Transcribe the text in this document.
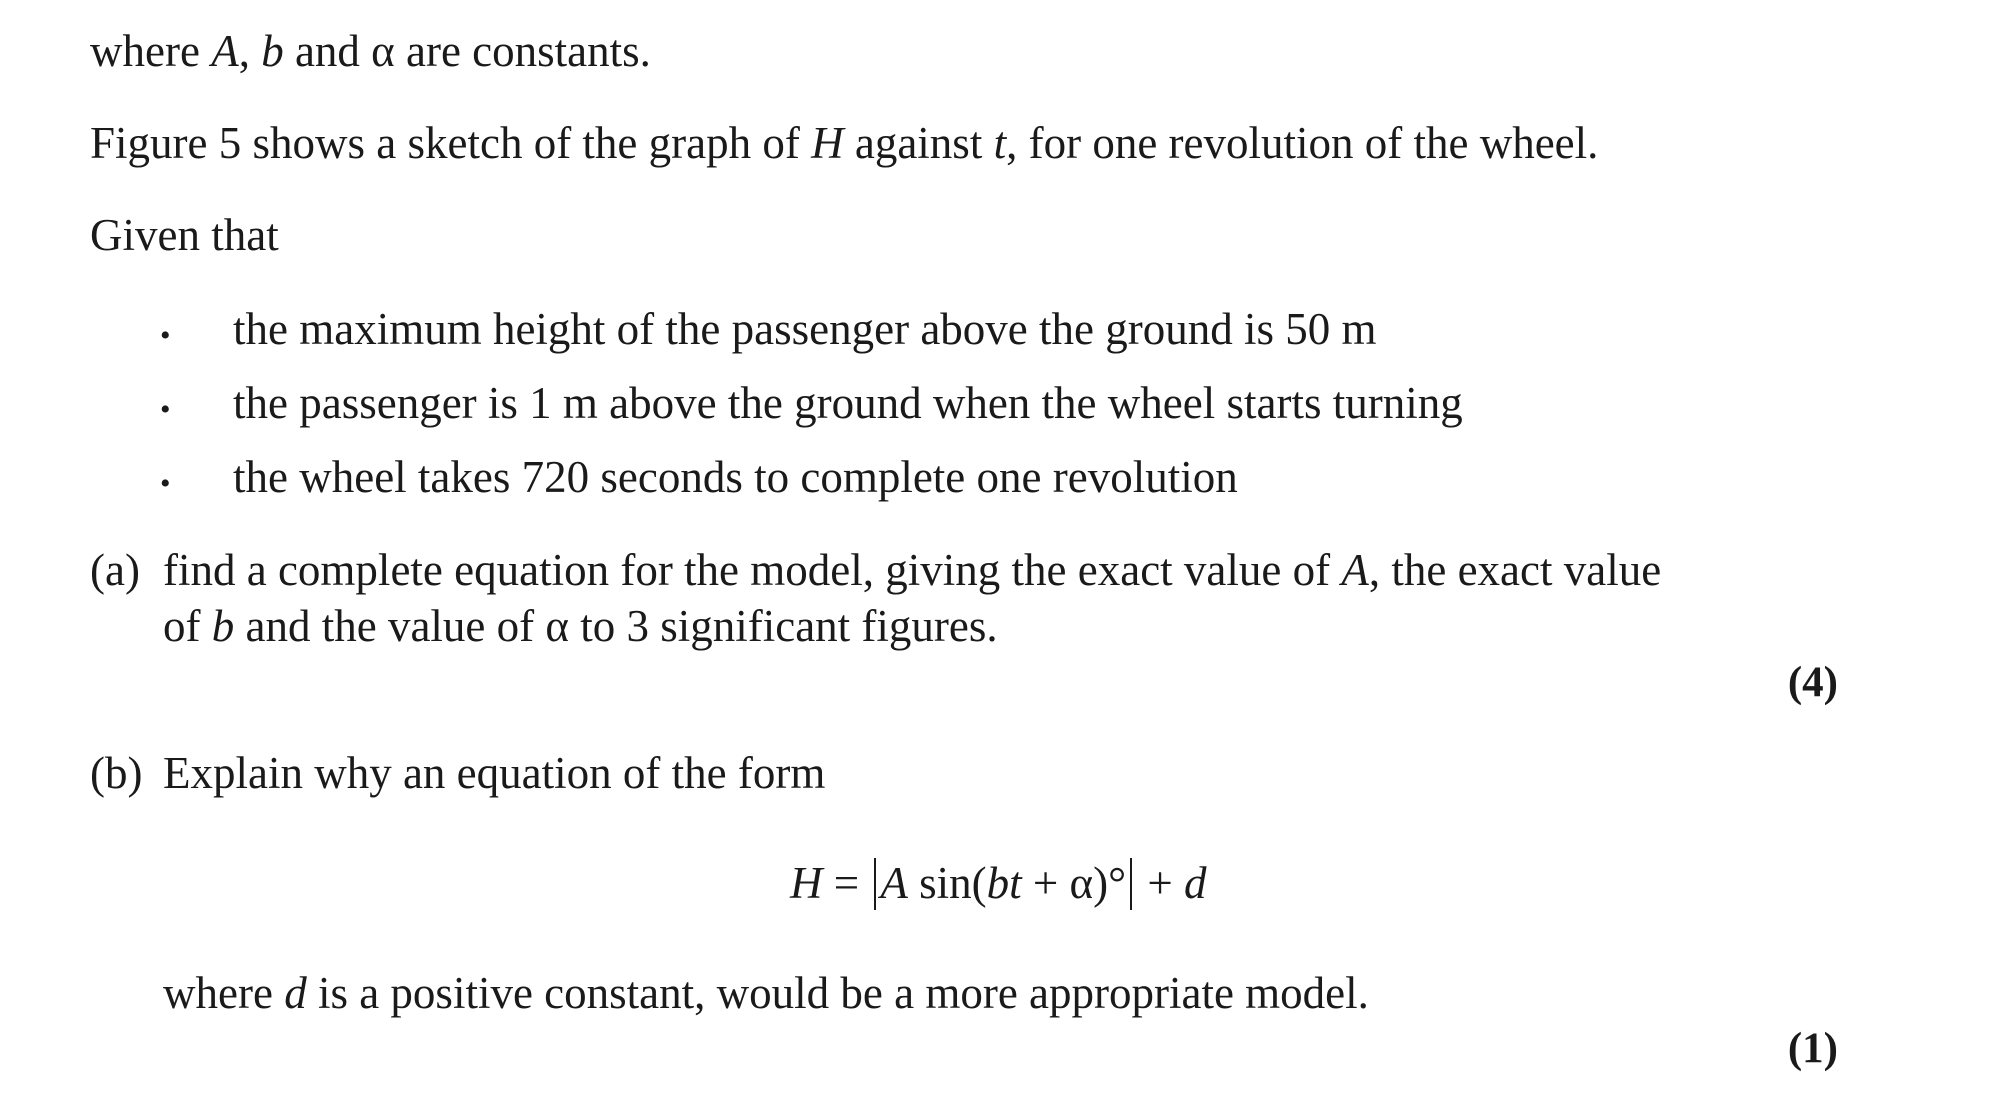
where A, b and α are constants.
Figure 5 shows a sketch of the graph of H against t, for one revolution of the wheel.
Given that
•
•
•
the maximum height of the passenger above the ground is 50 m
the passenger is 1 m above the ground when the wheel starts turning
the wheel takes 720 seconds to complete one revolution
(a) find a complete equation for the model, giving the exact value of A, the exact value
of b and the value of α to 3 significant figures.
(4)
(b) Explain why an equation of the form
H = A sin(bt + α)° + d
where d is a positive constant, would be a more appropriate model.
(1)
